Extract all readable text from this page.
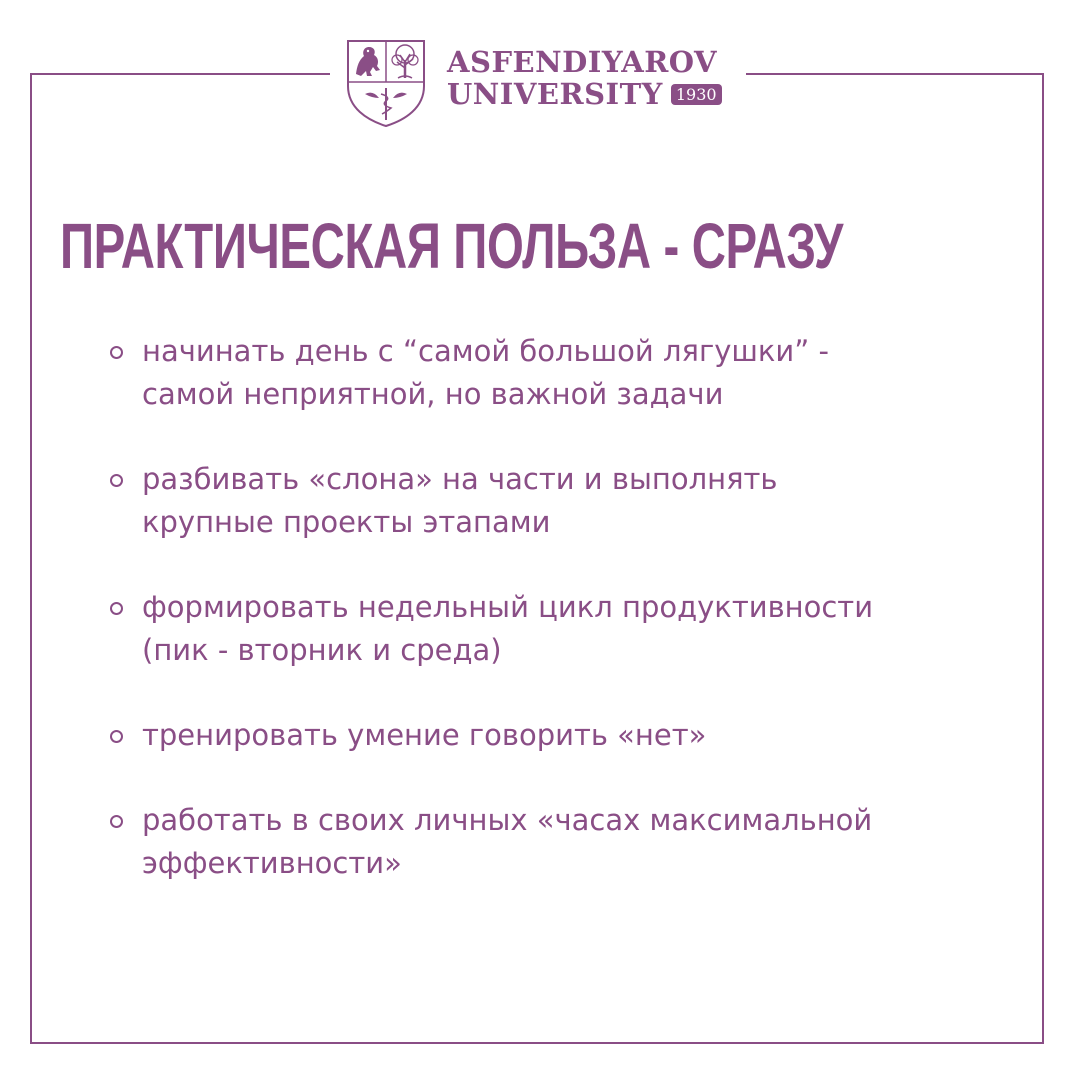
ASFENDIYAROV
UNIVERSITY 1930
ПРАКТИЧЕСКАЯ ПОЛЬЗА - СРАЗУ
начинать день с “самой большой лягушки” -
самой неприятной, но важной задачи
разбивать «слона» на части и выполнять
крупные проекты этапами
формировать недельный цикл продуктивности
(пик - вторник и среда)
тренировать умение говорить «нет»
работать в своих личных «часах максимальной
эффективности»
